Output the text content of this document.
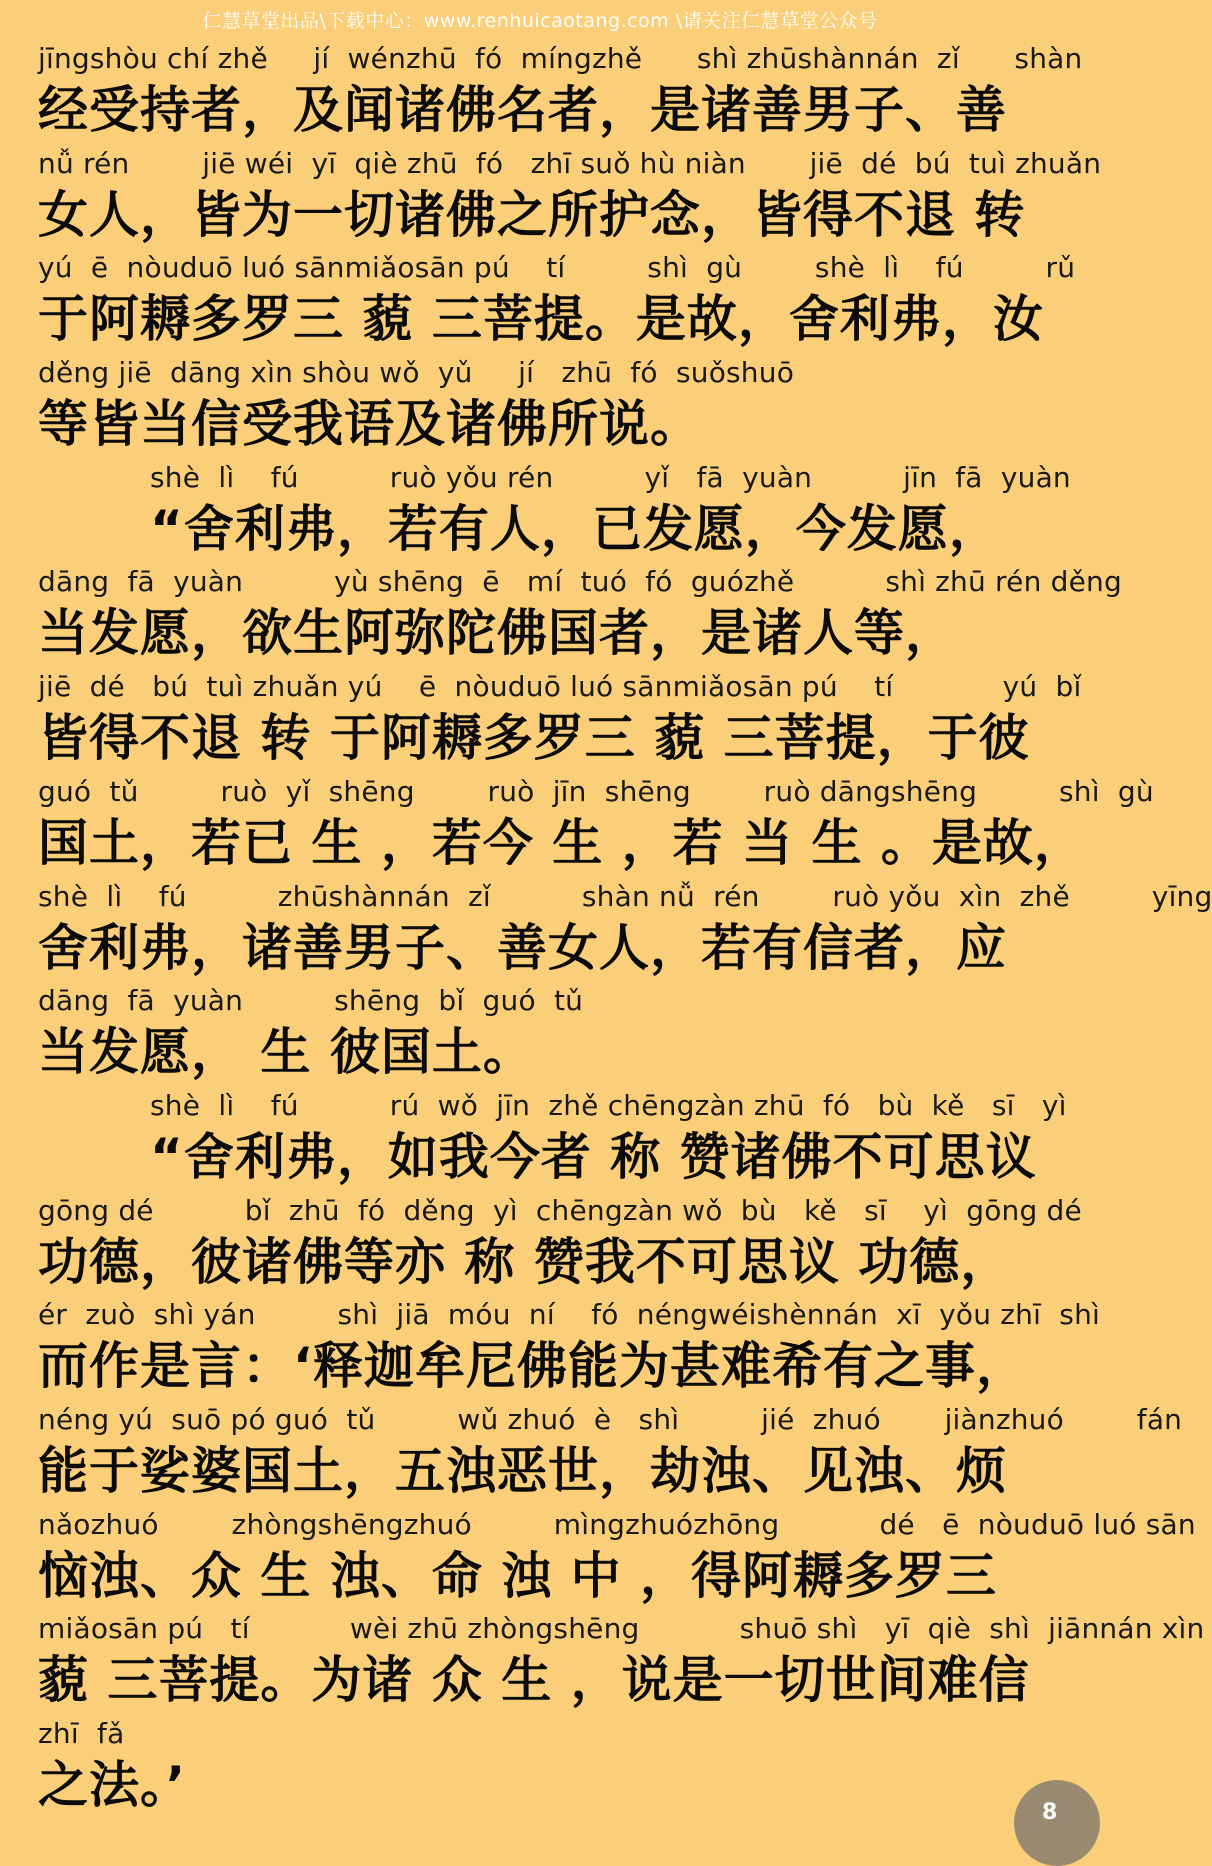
仁慧草堂出品\下载中心：www.renhuicaotang.com \请关注仁慧草堂公众号
jīngshòu chí zhě     jí  wénzhū  fó  míngzhě      shì zhūshànnán  zǐ      shàn
经受持者，及闻诸佛名者，是诸善男子、善
nǚ rén        jiē wéi  yī  qiè zhū  fó   zhī suǒ hù niàn       jiē  dé  bú  tuì zhuǎn
女人，皆为一切诸佛之所护念，皆得不退 转
yú  ē  nòuduō luó sānmiǎosān pú    tí         shì  gù        shè  lì    fú         rǔ
于阿耨多罗三 藐 三菩提。是故，舍利弗，汝
děng jiē  dāng xìn shòu wǒ  yǔ     jí   zhū  fó  suǒshuō
等皆当信受我语及诸佛所说。
shè  lì    fú          ruò yǒu rén          yǐ   fā  yuàn          jīn  fā  yuàn
“舍利弗，若有人，已发愿，今发愿，
dāng  fā  yuàn          yù shēng  ē   mí  tuó  fó  guózhě          shì zhū rén děng
当发愿，欲生阿弥陀佛国者，是诸人等，
jiē  dé   bú  tuì zhuǎn yú    ē  nòuduō luó sānmiǎosān pú    tí            yú  bǐ
皆得不退 转 于阿耨多罗三 藐 三菩提，于彼
guó  tǔ         ruò  yǐ  shēng        ruò  jīn  shēng        ruò dāngshēng         shì  gù
国土，若已 生 ，若今 生 ，若 当 生 。是故，
shè  lì    fú          zhūshànnán  zǐ          shàn nǚ  rén        ruò yǒu  xìn  zhě         yīng
舍利弗，诸善男子、善女人，若有信者，应
dāng  fā  yuàn          shēng  bǐ  guó  tǔ
当发愿， 生 彼国土。
shè  lì    fú          rú  wǒ  jīn  zhě chēngzàn zhū  fó   bù  kě   sī   yì
“舍利弗，如我今者 称 赞诸佛不可思议
gōng dé          bǐ  zhū  fó  děng  yì  chēngzàn wǒ  bù   kě   sī    yì  gōng dé
功德，彼诸佛等亦 称 赞我不可思议 功德，
ér  zuò  shì yán         shì  jiā  móu  ní    fó  néngwéishènnán  xī  yǒu zhī  shì
而作是言：‘释迦牟尼佛能为甚难希有之事，
néng yú  suō pó guó  tǔ         wǔ zhuó  è   shì         jié  zhuó       jiànzhuó        fán
能于娑婆国土，五浊恶世，劫浊、见浊、烦
nǎozhuó        zhòngshēngzhuó         mìngzhuózhōng           dé   ē  nòuduō luó sān
恼浊、众 生 浊、命 浊 中 ，得阿耨多罗三
miǎosān pú   tí           wèi zhū zhòngshēng           shuō shì   yī  qiè  shì  jiānnán xìn
藐 三菩提。为诸 众 生 ，说是一切世间难信
zhī  fǎ
之法。’	8
